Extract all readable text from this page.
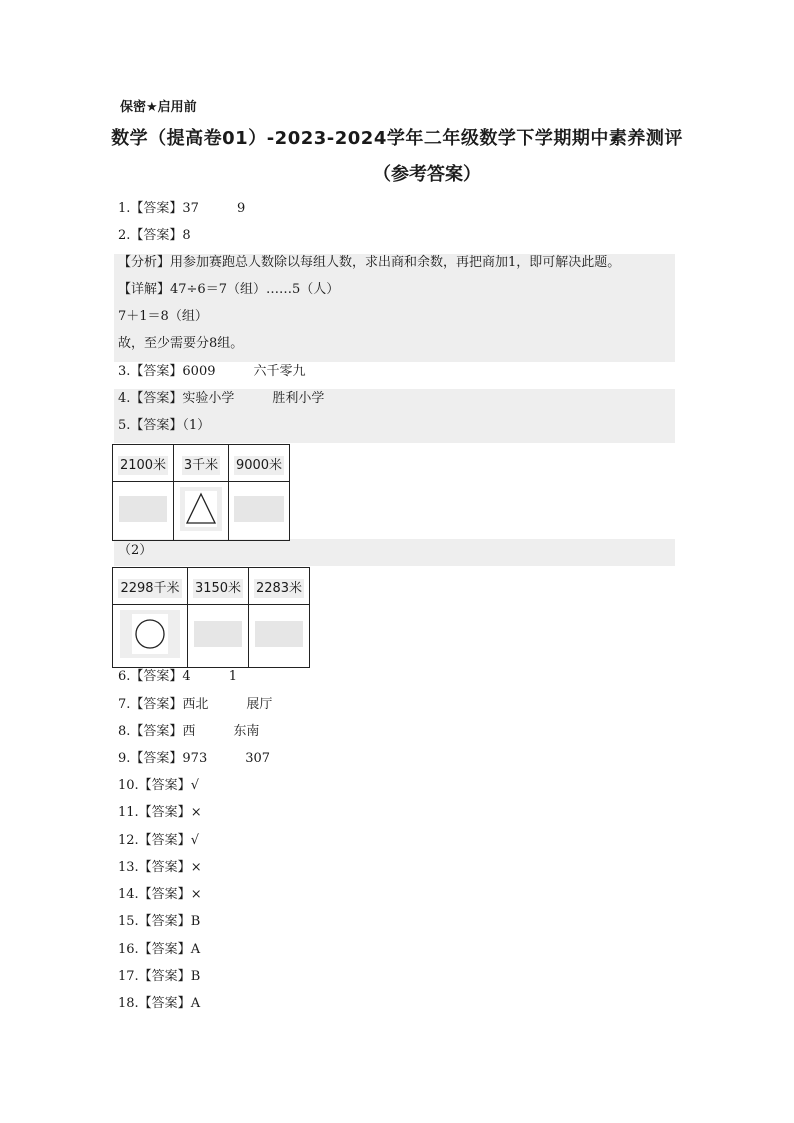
保密★启用前
数学（提高卷01）-2023-2024学年二年级数学下学期期中素养测评
（参考答案）
1.【答案】37	9
2.【答案】8
【分析】用参加赛跑总人数除以每组人数，求出商和余数，再把商加1，即可解决此题。
【详解】47÷6＝7（组）……5（人）
7＋1＝8（组）
故，至少需要分8组。
3.【答案】6009	六千零九
4.【答案】实验小学	胜利小学
5.【答案】（1）
2100米	3千米	9000米

（2）
2298千米	3150米	2283米

6.【答案】4	1
7.【答案】西北	展厅
8.【答案】西	东南
9.【答案】973	307
10.【答案】√
11.【答案】×
12.【答案】√
13.【答案】×
14.【答案】×
15.【答案】B
16.【答案】A
17.【答案】B
18.【答案】A
